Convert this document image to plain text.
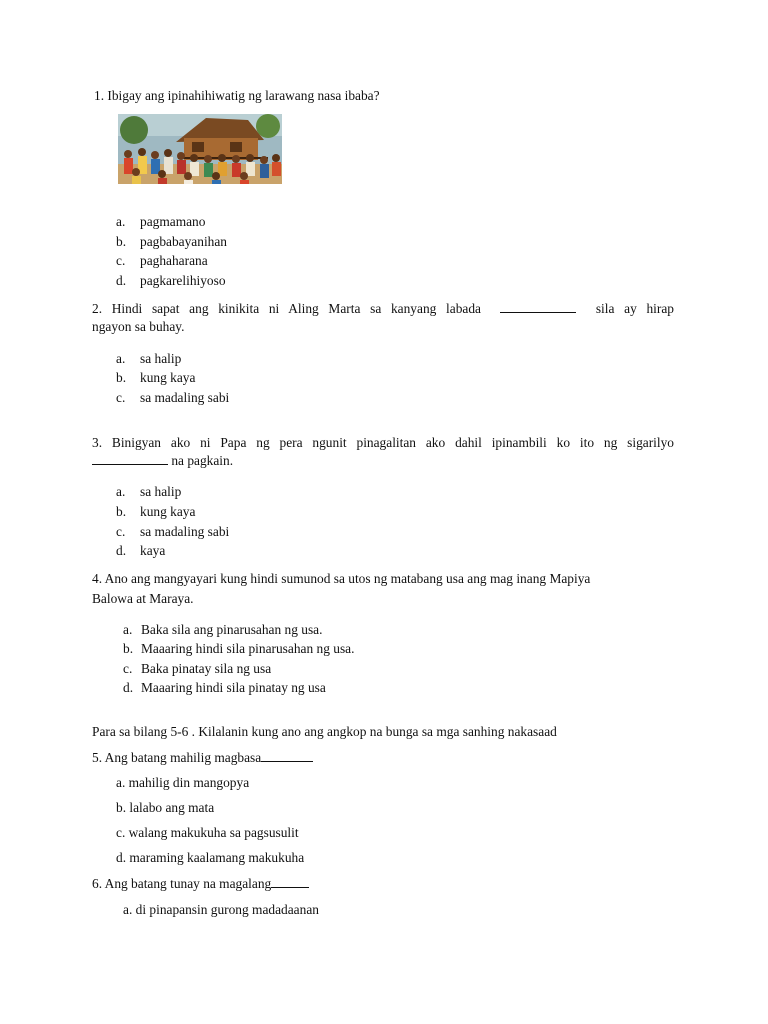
1. Ibigay ang ipinahihiwatig ng larawang nasa ibaba?
a. pagmamano
b. pagbabayanihan
c. paghaharana
d. pagkarelihiyoso
2. Hindi sapat ang kinikita ni Aling Marta sa kanyang labada	sila ay hirap
ngayon sa buhay.
a. sa halip
b. kung kaya
c. sa madaling sabi
3. Binigyan ako ni Papa ng pera ngunit pinagalitan ako dahil ipinambili ko ito ng sigarilyo
na pagkain.
a. sa halip
b. kung kaya
c. sa madaling sabi
d. kaya
4. Ano ang mangyayari kung hindi sumunod sa utos ng matabang usa ang mag inang Mapiya
Balowa at Maraya.
a. Baka sila ang pinarusahan ng usa.
b. Maaaring hindi sila pinarusahan ng usa.
c. Baka pinatay sila ng usa
d. Maaaring hindi sila pinatay ng usa
Para sa bilang 5-6 . Kilalanin kung ano ang angkop na bunga sa mga sanhing nakasaad
5. Ang batang mahilig magbasa
a. mahilig din mangopya
b. lalabo ang mata
c. walang makukuha sa pagsusulit
d. maraming kaalamang makukuha
6. Ang batang tunay na magalang
a. di pinapansin gurong madadaanan
